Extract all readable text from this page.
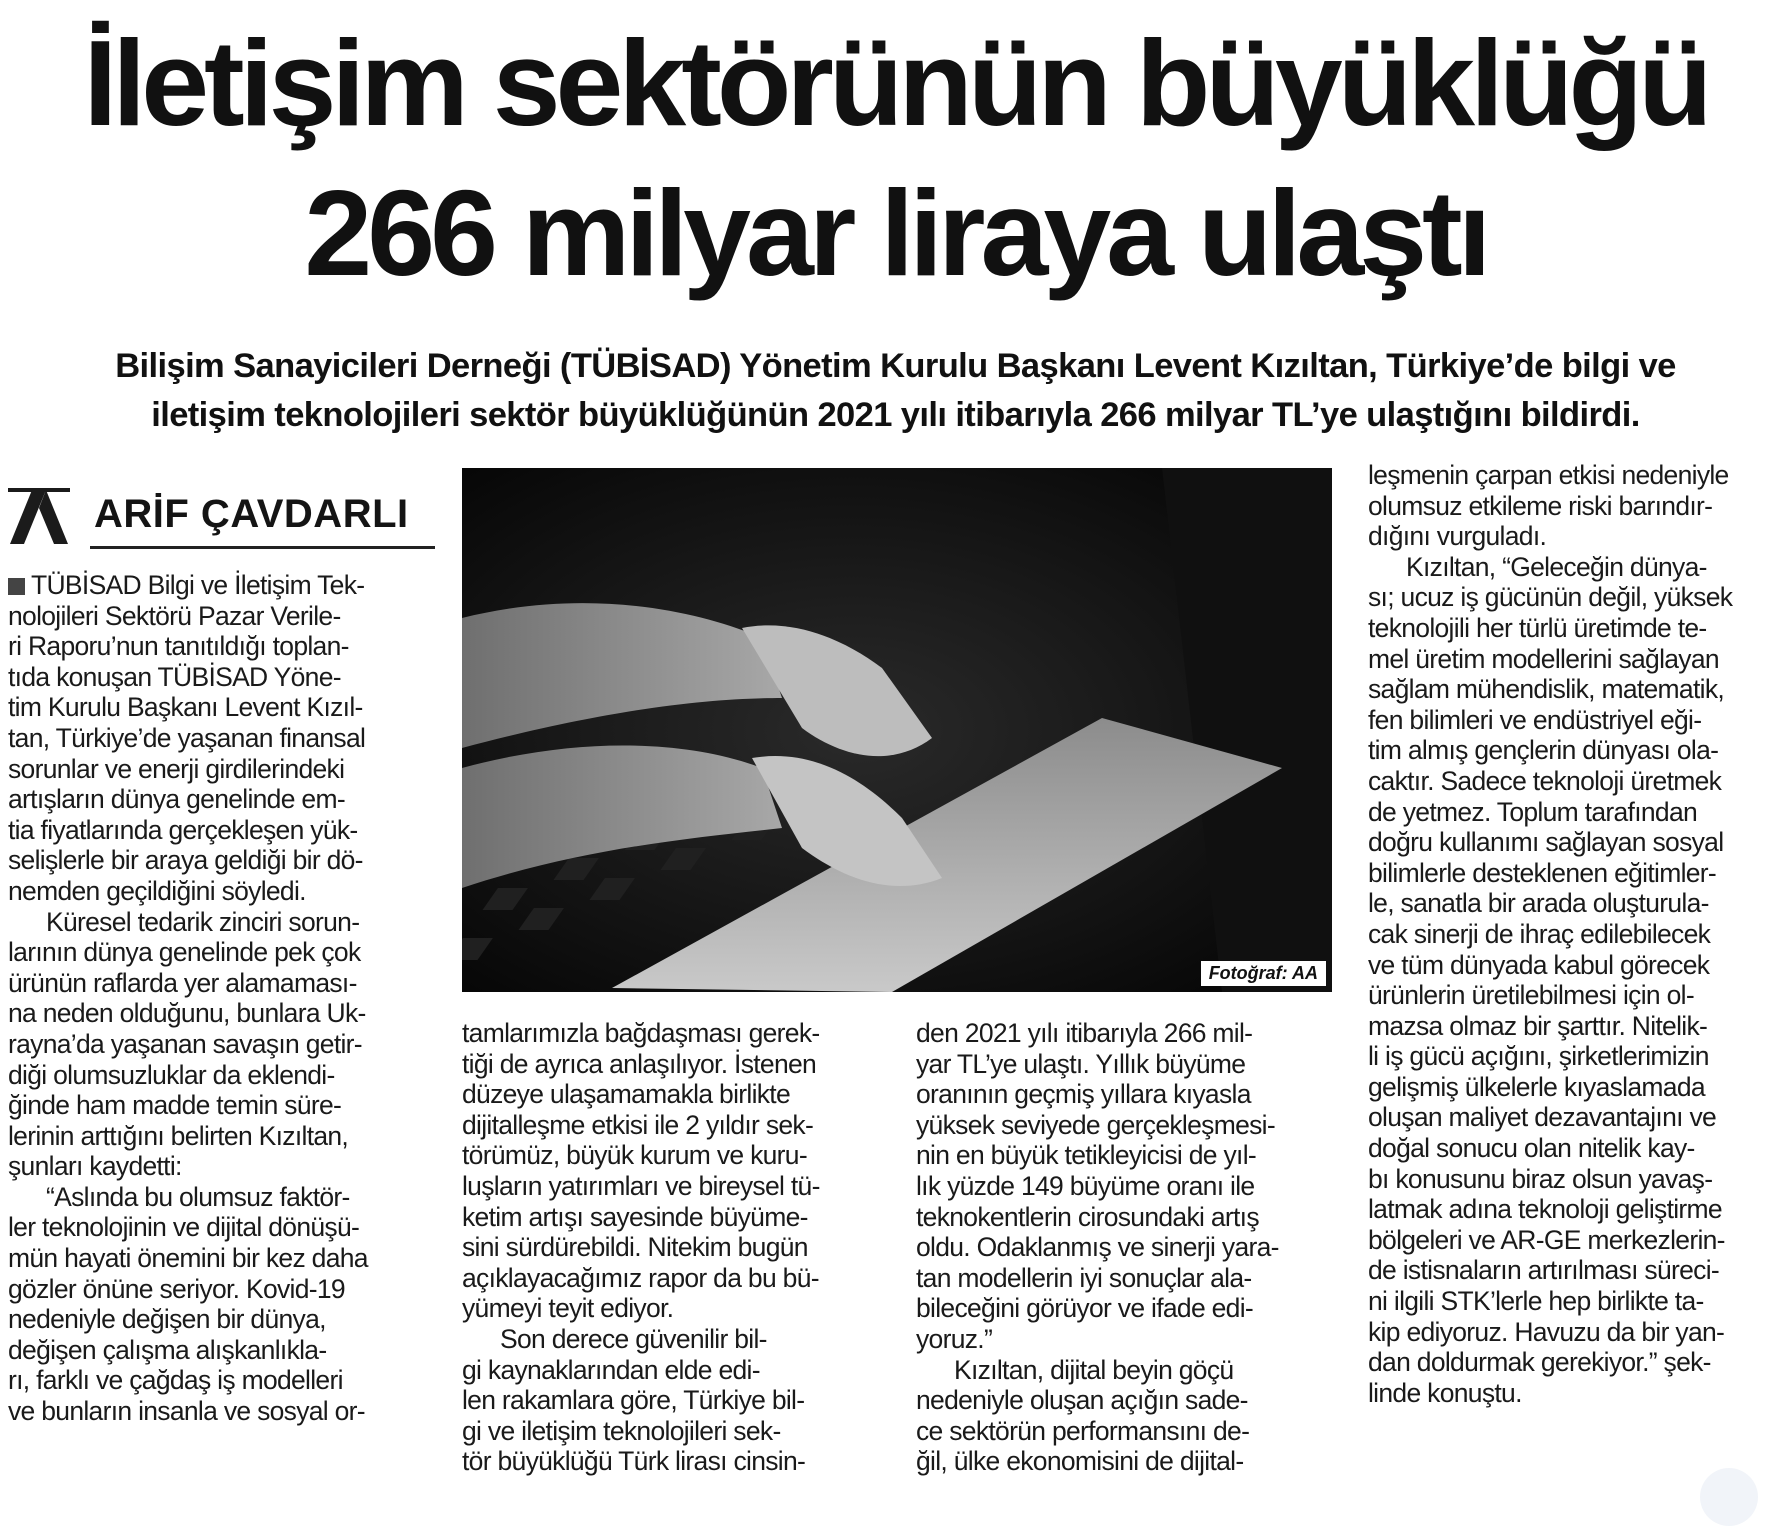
İletişim sektörünün büyüklüğü
266 milyar liraya ulaştı

Bilişim Sanayicileri Derneği (TÜBİSAD) Yönetim Kurulu Başkanı Levent Kızıltan, Türkiye’de bilgi ve
iletişim teknolojileri sektör büyüklüğünün 2021 yılı itibarıyla 266 milyar TL’ye ulaştığını bildirdi.

ARİF ÇAVDARLI
Fotoğraf: AA
TÜBİSAD Bilgi ve İletişim Tek-
nolojileri Sektörü Pazar Verile-
ri Raporu’nun tanıtıldığı toplan-
tıda konuşan TÜBİSAD Yöne-
tim Kurulu Başkanı Levent Kızıl-
tan, Türkiye’de yaşanan finansal
sorunlar ve enerji girdilerindeki
artışların dünya genelinde em-
tia fiyatlarında gerçekleşen yük-
selişlerle bir araya geldiği bir dö-
nemden geçildiğini söyledi.
Küresel tedarik zinciri sorun-
larının dünya genelinde pek çok
ürünün raflarda yer alamaması-
na neden olduğunu, bunlara Uk-
rayna’da yaşanan savaşın getir-
diği olumsuzluklar da eklendi-
ğinde ham madde temin süre-
lerinin arttığını belirten Kızıltan,
şunları kaydetti:
“Aslında bu olumsuz faktör-
ler teknolojinin ve dijital dönüşü-
mün hayati önemini bir kez daha
gözler önüne seriyor. Kovid-19
nedeniyle değişen bir dünya,
değişen çalışma alışkanlıkla-
rı, farklı ve çağdaş iş modelleri
ve bunların insanla ve sosyal or-
tamlarımızla bağdaşması gerek-
tiği de ayrıca anlaşılıyor. İstenen
düzeye ulaşamamakla birlikte
dijitalleşme etkisi ile 2 yıldır sek-
törümüz, büyük kurum ve kuru-
luşların yatırımları ve bireysel tü-
ketim artışı sayesinde büyüme-
sini sürdürebildi. Nitekim bugün
açıklayacağımız rapor da bu bü-
yümeyi teyit ediyor.
Son derece güvenilir bil-
gi kaynaklarından elde edi-
len rakamlara göre, Türkiye bil-
gi ve iletişim teknolojileri sek-
tör büyüklüğü Türk lirası cinsin-
den 2021 yılı itibarıyla 266 mil-
yar TL’ye ulaştı. Yıllık büyüme
oranının geçmiş yıllara kıyasla
yüksek seviyede gerçekleşmesi-
nin en büyük tetikleyicisi de yıl-
lık yüzde 149 büyüme oranı ile
teknokentlerin cirosundaki artış
oldu. Odaklanmış ve sinerji yara-
tan modellerin iyi sonuçlar ala-
bileceğini görüyor ve ifade edi-
yoruz.”
Kızıltan, dijital beyin göçü
nedeniyle oluşan açığın sade-
ce sektörün performansını de-
ğil, ülke ekonomisini de dijital-
leşmenin çarpan etkisi nedeniyle
olumsuz etkileme riski barındır-
dığını vurguladı.
Kızıltan, “Geleceğin dünya-
sı; ucuz iş gücünün değil, yüksek
teknolojili her türlü üretimde te-
mel üretim modellerini sağlayan
sağlam mühendislik, matematik,
fen bilimleri ve endüstriyel eği-
tim almış gençlerin dünyası ola-
caktır. Sadece teknoloji üretmek
de yetmez. Toplum tarafından
doğru kullanımı sağlayan sosyal
bilimlerle desteklenen eğitimler-
le, sanatla bir arada oluşturula-
cak sinerji de ihraç edilebilecek
ve tüm dünyada kabul görecek
ürünlerin üretilebilmesi için ol-
mazsa olmaz bir şarttır. Nitelik-
li iş gücü açığını, şirketlerimizin
gelişmiş ülkelerle kıyaslamada
oluşan maliyet dezavantajını ve
doğal sonucu olan nitelik kay-
bı konusunu biraz olsun yavaş-
latmak adına teknoloji geliştirme
bölgeleri ve AR-GE merkezlerin-
de istisnaların artırılması süreci-
ni ilgili STK’lerle hep birlikte ta-
kip ediyoruz. Havuzu da bir yan-
dan doldurmak gerekiyor.” şek-
linde konuştu.
